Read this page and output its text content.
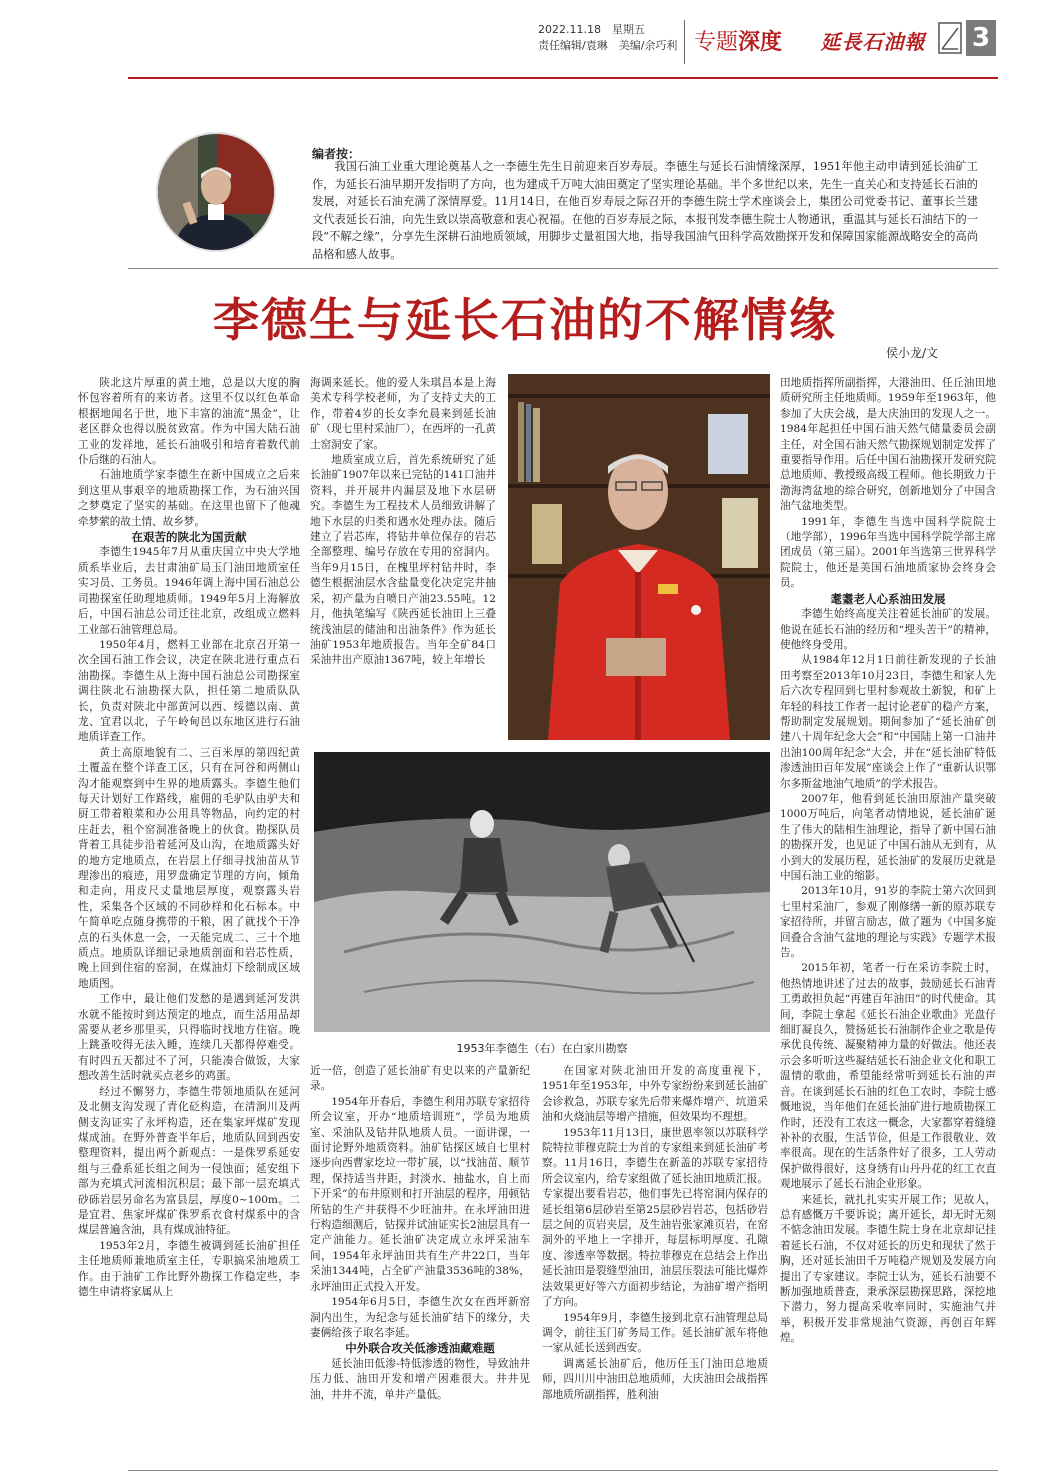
2022.11.18　星期五
责任编辑/袁琳　美编/余巧利 专题 深度	延長石油報	3
编者按：
我国石油工业重大理论奠基人之一李德生先生日前迎来百岁寿辰。李德生与延长石油情缘深厚，1951年他主动申请到延长油矿工作，为延长石油早期开发指明了方向，也为建成千万吨大油田奠定了坚实理论基础。半个多世纪以来，先生一直关心和支持延长石油的发展，对延长石油充满了深情厚爱。11月14日，在他百岁寿辰之际召开的李德生院士学术座谈会上，集团公司党委书记、董事长兰建文代表延长石油，向先生致以崇高敬意和衷心祝福。在他的百岁寿辰之际，本报刊发李德生院士人物通讯，重温其与延长石油结下的一段“不解之缘”，分享先生深耕石油地质领域，用脚步丈量祖国大地，指导我国油气田科学高效勘探开发和保障国家能源战略安全的高尚品格和感人故事。
李德生与延长石油的不解情缘
侯小龙/文

陕北这片厚重的黄土地，总是以大度的胸怀包容着所有的来访者。这里不仅以红色革命根据地闻名于世，地下丰富的油流“黑金”，让老区群众也得以脱贫致富。作为中国大陆石油工业的发祥地，延长石油吸引和培育着数代前仆后继的石油人。

石油地质学家李德生在新中国成立之后来到这里从事艰辛的地质勘探工作，为石油兴国之梦奠定了坚实的基础。在这里也留下了他魂牵梦萦的故土情、故乡梦。

在艰苦的陕北为国贡献

李德生1945年7月从重庆国立中央大学地质系毕业后，去甘肃油矿局玉门油田地质室任实习员、工务员。1946年调上海中国石油总公司勘探室任助理地质师。1949年5月上海解放后，中国石油总公司迁往北京，改组成立燃料工业部石油管理总局。

1950年4月，燃料工业部在北京召开第一次全国石油工作会议，决定在陕北进行重点石油勘探。李德生从上海中国石油总公司勘探室调往陕北石油勘探大队，担任第二地质队队长，负责对陕北中部黄河以西、绥德以南、黄龙、宜君以北，子午岭甸邑以东地区进行石油地质详查工作。

黄土高原地貌有二、三百米厚的第四纪黄土覆盖在整个详查工区，只有在河谷和两侧山沟才能观察到中生界的地质露头。李德生他们每天计划好工作路线，雇佣的毛驴队由驴夫和厨工带着粮菜和办公用具等物品，向约定的村庄赶去，租个窑洞准备晚上的伙食。勘探队员背着工具徒步沿着延河及山沟，在地质露头好的地方定地质点，在岩层上仔细寻找油苗从节理渗出的痕迹，用罗盘确定节理的方向，倾角和走向，用皮尺丈量地层厚度，观察露头岩性，采集各个区域的不同砂样和化石标本。中午简单吃点随身携带的干粮，困了就找个干净点的石头休息一会，一天能完成二、三十个地质点。地质队详细记录地质剖面和岩芯性质，晚上回到住宿的窑洞，在煤油灯下绘制成区域地质图。

工作中，最让他们发愁的是遇到延河发洪水就不能按时到达预定的地点，而生活用品却需要从老乡那里买，只得临时找地方住宿。晚上跳蚤咬得无法入睡，连续几天都得停难受。有时四五天都过不了河，只能凑合做饭，大家想改善生活时就买点老乡的鸡蛋。

经过不懈努力，李德生带领地质队在延河及北侧支沟发现了青化砭构造，在清涧川及两侧支沟证实了永坪构造，还在集家坪煤矿发现煤成油。在野外普查半年后，地质队回到西安整理资料，提出两个新观点：一是侏罗系延安组与三叠系延长组之间为一侵蚀面；延安组下部为充填式河流相沉积层；最下部一层充填式砂砾岩层另命名为富县层，厚度0~100m。二是宜君、焦家坪煤矿侏罗系衣食村煤系中的含煤层普遍含油，具有煤成油特征。

1953年2月，李德生被调到延长油矿担任主任地质师兼地质室主任，专职搞采油地质工作。由于油矿工作比野外勘探工作稳定些，李德生申请将家属从上

海调来延长。他的爱人朱琪昌本是上海美术专科学校老师，为了支持丈夫的工作，带着4岁的长女李允晨来到延长油矿（现七里村采油厂），在西坪的一孔黄土窑洞安了家。

地质室成立后，首先系统研究了延长油矿1907年以来已完钻的141口油井资料，并开展井内漏层及地下水层研究。李德生为工程技术人员细致讲解了地下水层的归类和遇水处理办法。随后建立了岩芯库，将钻井单位保存的岩芯全部整理、编号存放在专用的窑洞内。当年9月15日，在槐里坪村钻井时，李德生根据油层水含盐量变化决定完井抽采，初产量为自喷日产油23.55吨。12月，他执笔编写《陕西延长油田上三叠统浅油层的储油和出油条件》作为延长油矿1953年地质报告。当年全矿84口采油井出产原油1367吨，较上年增长

1953年李德生（右）在白家川勘察

近一倍，创造了延长油矿有史以来的产量新纪录。

1954年开春后，李德生利用苏联专家招待所会议室，开办“地质培训班”，学员为地质室、采油队及钻井队地质人员。一面讲课，一面讨论野外地质资料。油矿钻探区域自七里村逐步向西曹家圪垃一带扩展，以“找油苗、顺节理，保持适当井距，封淡水、抽盐水，自上而下开采”的布井原则和打开油层的程序，用顿钻所钻的生产井获得不少旺油井。在永坪油田进行构造细测后，钻探并试油证实长2油层具有一定产油能力。延长油矿决定成立永坪采油车间，1954年永坪油田共有生产井22口，当年采油1344吨，占全矿产油量3536吨的38%，永坪油田正式投入开发。

1954年6月5日，李德生次女在西坪新窑洞内出生，为纪念与延长油矿结下的缘分，夫妻俩给孩子取名李延。

中外联合攻关低渗透油藏难题

延长油田低渗-特低渗透的物性，导致油井压力低、油田开发和增产困难很大。井井见油，井井不流，单井产量低。

在国家对陕北油田开发的高度重视下，1951年至1953年，中外专家纷纷来到延长油矿会诊救急，苏联专家先后带来爆炸增产、坑道采油和火烧油层等增产措施，但效果均不理想。

1953年11月13日，康世恩率领以苏联科学院特拉菲穆克院士为首的专家组来到延长油矿考察。11月16日，李德生在新盖的苏联专家招待所会议室内，给专家组做了延长油田地质汇报。专家提出要看岩芯，他们事先已将窑洞内保存的延长组第6层砂岩至第25层砂岩岩芯，包括砂岩层之间的页岩夹层，及生油岩张家滩页岩，在窑洞外的平地上一字排开，每层标明厚度、孔隙度、渗透率等数据。特拉菲穆克在总结会上作出延长油田是裂缝型油田，油层压裂法可能比爆炸法效果更好等六方面初步结论，为油矿增产指明了方向。

1954年9月，李德生接到北京石油管理总局调令，前往玉门矿务局工作。延长油矿派车将他一家从延长送到西安。

调离延长油矿后，他历任玉门油田总地质师，四川川中油田总地质师，大庆油田会战指挥部地质所副指挥，胜利油

田地质指挥所副指挥，大港油田、任丘油田地质研究所主任地质师。1959年至1963年，他参加了大庆会战，是大庆油田的发现人之一。1984年起担任中国石油天然气储量委员会副主任，对全国石油天然气勘探规划制定发挥了重要指导作用。后任中国石油勘探开发研究院总地质师、教授级高级工程师。他长期致力于渤海湾盆地的综合研究，创新地划分了中国含油气盆地类型。

1991年，李德生当选中国科学院院士（地学部），1996年当选中国科学院学部主席团成员（第三届）。2001年当选第三世界科学院院士，他还是美国石油地质家协会终身会员。

耄耋老人心系油田发展

李德生始终高度关注着延长油矿的发展。他说在延长石油的经历和“埋头苦干”的精神，使他终身受用。

从1984年12月1日前往新发现的子长油田考察至2013年10月23日，李德生和家人先后六次专程回到七里村参观故土新貌，和矿上年轻的科技工作者一起讨论老矿的稳产方案，帮助制定发展规划。期间参加了“延长油矿创建八十周年纪念大会”和“中国陆上第一口油井出油100周年纪念”大会，并在“延长油矿特低渗透油田百年发展”座谈会上作了“重新认识鄂尔多斯盆地油气地质”的学术报告。

2007年，他看到延长油田原油产量突破1000万吨后，向笔者动情地说，延长油矿诞生了伟大的陆相生油理论，指导了新中国石油的勘探开发，也见证了中国石油从无到有，从小到大的发展历程，延长油矿的发展历史就是中国石油工业的缩影。

2013年10月，91岁的李院士第六次回到七里村采油厂，参观了刚修缮一新的原苏联专家招待所，并留言励志，做了题为《中国多旋回叠合含油气盆地的理论与实践》专题学术报告。

2015年初，笔者一行在采访李院士时，他热情地讲述了过去的故事，鼓励延长石油青工勇敢担负起“再建百年油田”的时代使命。其间，李院士拿起《延长石油企业歌曲》光盘仔细盯凝良久，赞扬延长石油制作企业之歌是传承优良传统、凝聚精神力量的好做法。他还表示会多听听这些凝结延长石油企业文化和职工温情的歌曲，希望能经常听到延长石油的声音。在谈到延长石油的红色工农时，李院士感慨地说，当年他们在延长油矿进行地质勘探工作时，还没有工农这一概念，大家都穿着缝缝补补的衣服，生活节俭，但是工作很敬业、效率很高。现在的生活条件好了很多，工人劳动保护做得很好，这身绣有山丹丹花的红工衣直观地展示了延长石油企业形象。

来延长，就扎扎实实开展工作；见故人，总有感慨万千要诉说；离开延长，却无时无刻不惦念油田发展。李德生院士身在北京却记挂着延长石油，不仅对延长的历史和现状了然于胸，还对延长油田千万吨稳产规划及发展方向提出了专家建议。李院士认为，延长石油要不断加强地质普查，秉承深层勘探思路，深挖地下潜力，努力提高采收率同时，实施油气并举，积极开发非常规油气资源，再创百年辉煌。
